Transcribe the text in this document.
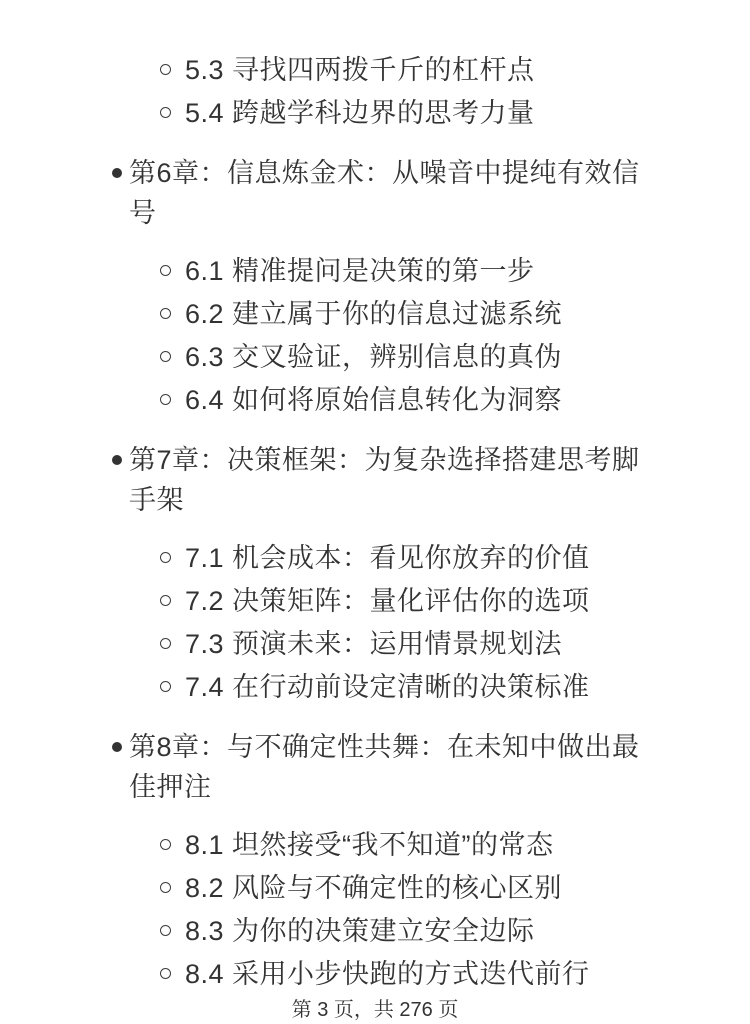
5.3 寻找四两拨千斤的杠杆点
5.4 跨越学科边界的思考力量
第6章：信息炼金术：从噪音中提纯有效信号
6.1 精准提问是决策的第一步
6.2 建立属于你的信息过滤系统
6.3 交叉验证，辨别信息的真伪
6.4 如何将原始信息转化为洞察
第7章：决策框架：为复杂选择搭建思考脚手架
7.1 机会成本：看见你放弃的价值
7.2 决策矩阵：量化评估你的选项
7.3 预演未来：运用情景规划法
7.4 在行动前设定清晰的决策标准
第8章：与不确定性共舞：在未知中做出最佳押注
8.1 坦然接受“我不知道”的常态
8.2 风险与不确定性的核心区别
8.3 为你的决策建立安全边际
8.4 采用小步快跑的方式迭代前行
第 3 页，共 276 页
